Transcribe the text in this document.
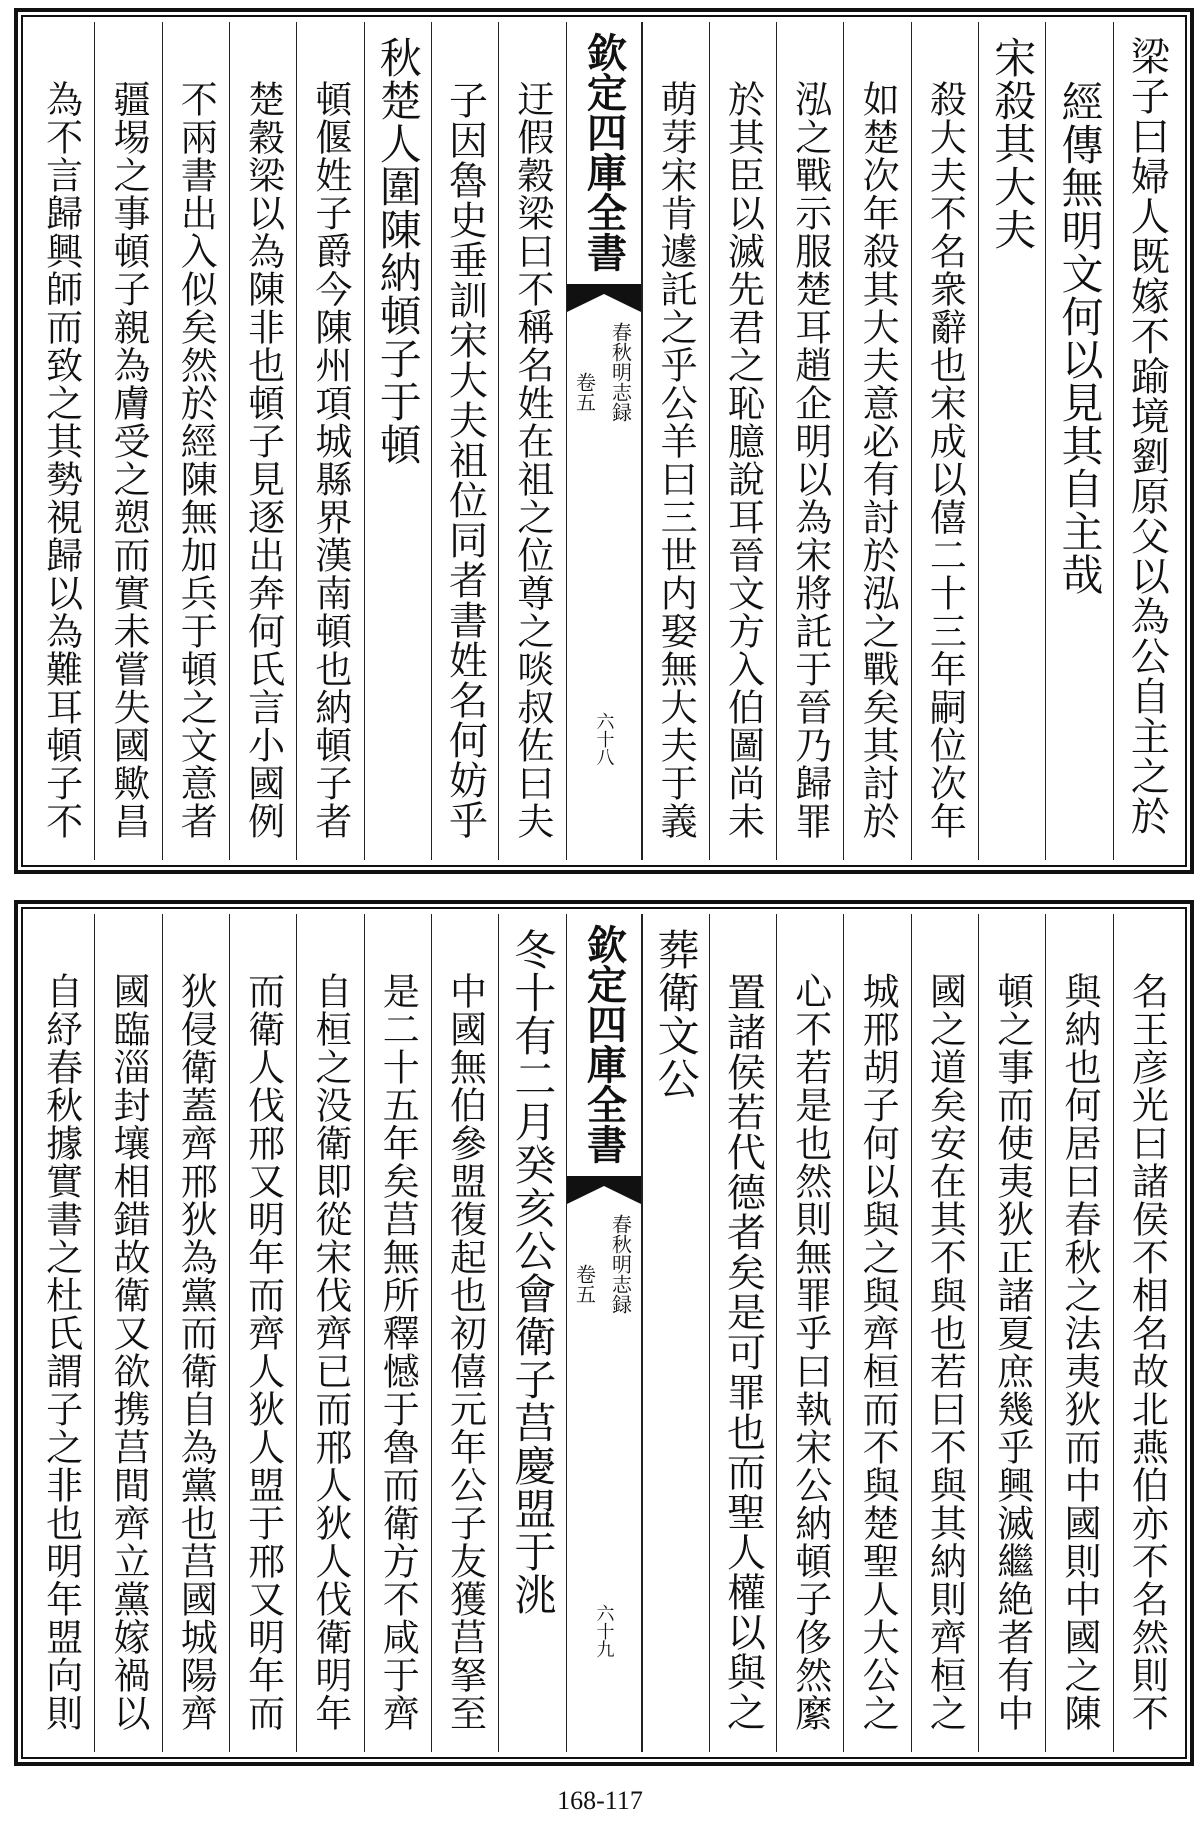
梁子曰婦人既嫁不踰境劉原父以為公自主之於
經傳無明文何以見其自主哉
宋殺其大夫
殺大夫不名衆辭也宋成以僖二十三年嗣位次年
如楚次年殺其大夫意必有討於泓之戰矣其討於
泓之戰示服楚耳趙企明以為宋將託于晉乃歸罪
於其臣以滅先君之恥臆說耳晉文方入伯圖尚未
萌芽宋肯遽託之乎公羊曰三世内娶無大夫于義
欽定四庫全書
春秋明志録
卷五
六十八
迂假穀梁曰不稱名姓在祖之位尊之啖叔佐曰夫
子因魯史垂訓宋大夫祖位同者書姓名何妨乎
秋楚人圍陳納頓子于頓
頓偃姓子爵今陳州項城縣界漢南頓也納頓子者
楚穀梁以為陳非也頓子見逐出奔何氏言小國例
不兩書出入似矣然於經陳無加兵于頓之文意者
疆埸之事頓子親為膚受之愬而實未嘗失國歟昌
為不言歸興師而致之其勢視歸以為難耳頓子不
名王彦光曰諸侯不相名故北燕伯亦不名然則不
與納也何居曰春秋之法夷狄而中國則中國之陳
頓之事而使夷狄正諸夏庶幾乎興滅繼絶者有中
國之道矣安在其不與也若曰不與其納則齊桓之
城邢胡子何以與之與齊桓而不與楚聖人大公之
心不若是也然則無罪乎曰執宋公納頓子侈然縻
置諸侯若代德者矣是可罪也而聖人權以與之
葬衛文公
欽定四庫全書
春秋明志録
卷五
六十九
冬十有二月癸亥公會衛子莒慶盟于洮
中國無伯參盟復起也初僖元年公子友獲莒拏至
是二十五年矣莒無所釋憾于魯而衛方不咸于齊
自桓之没衛即從宋伐齊已而邢人狄人伐衛明年
而衛人伐邢又明年而齊人狄人盟于邢又明年而
狄侵衛蓋齊邢狄為黨而衛自為黨也莒國城陽齊
國臨淄封壤相錯故衛又欲携莒間齊立黨嫁禍以
自紓春秋據實書之杜氏謂子之非也明年盟向則
168-117
